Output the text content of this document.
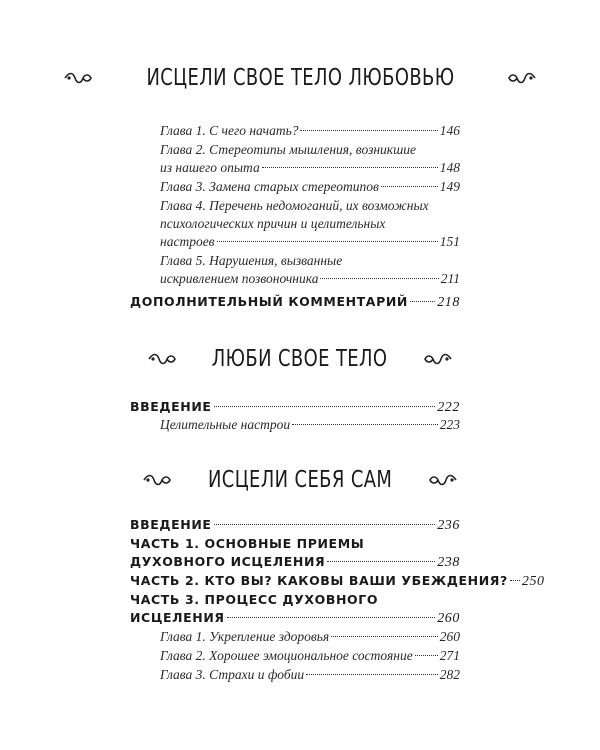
ИСЦЕЛИ СВОЕ ТЕЛО ЛЮБОВЬЮ
Глава 1. С чего начать?	146
Глава 2. Стереотипы мышления, возникшие
из нашего опыта	148
Глава 3. Замена старых стереотипов	149
Глава 4. Перечень недомоганий, их возможных
психологических причин и целительных
настроев	151
Глава 5. Нарушения, вызванные
искривлением позвоночника	211
ДОПОЛНИТЕЛЬНЫЙ КОММЕНТАРИЙ 218
ЛЮБИ СВОЕ ТЕЛО
ВВЕДЕНИЕ	222
Целительные настрои	223
ИСЦЕЛИ СЕБЯ САМ
ВВЕДЕНИЕ	236
ЧАСТЬ 1. ОСНОВНЫЕ ПРИЕМЫ
ДУХОВНОГО ИСЦЕЛЕНИЯ	238
ЧАСТЬ 2. КТО ВЫ? КАКОВЫ ВАШИ УБЕЖДЕНИЯ? 250
ЧАСТЬ 3. ПРОЦЕСС ДУХОВНОГО
ИСЦЕЛЕНИЯ	260
Глава 1. Укрепление здоровья	260
Глава 2. Хорошее эмоциональное состояние 271
Глава 3. Страхи и фобии	282
